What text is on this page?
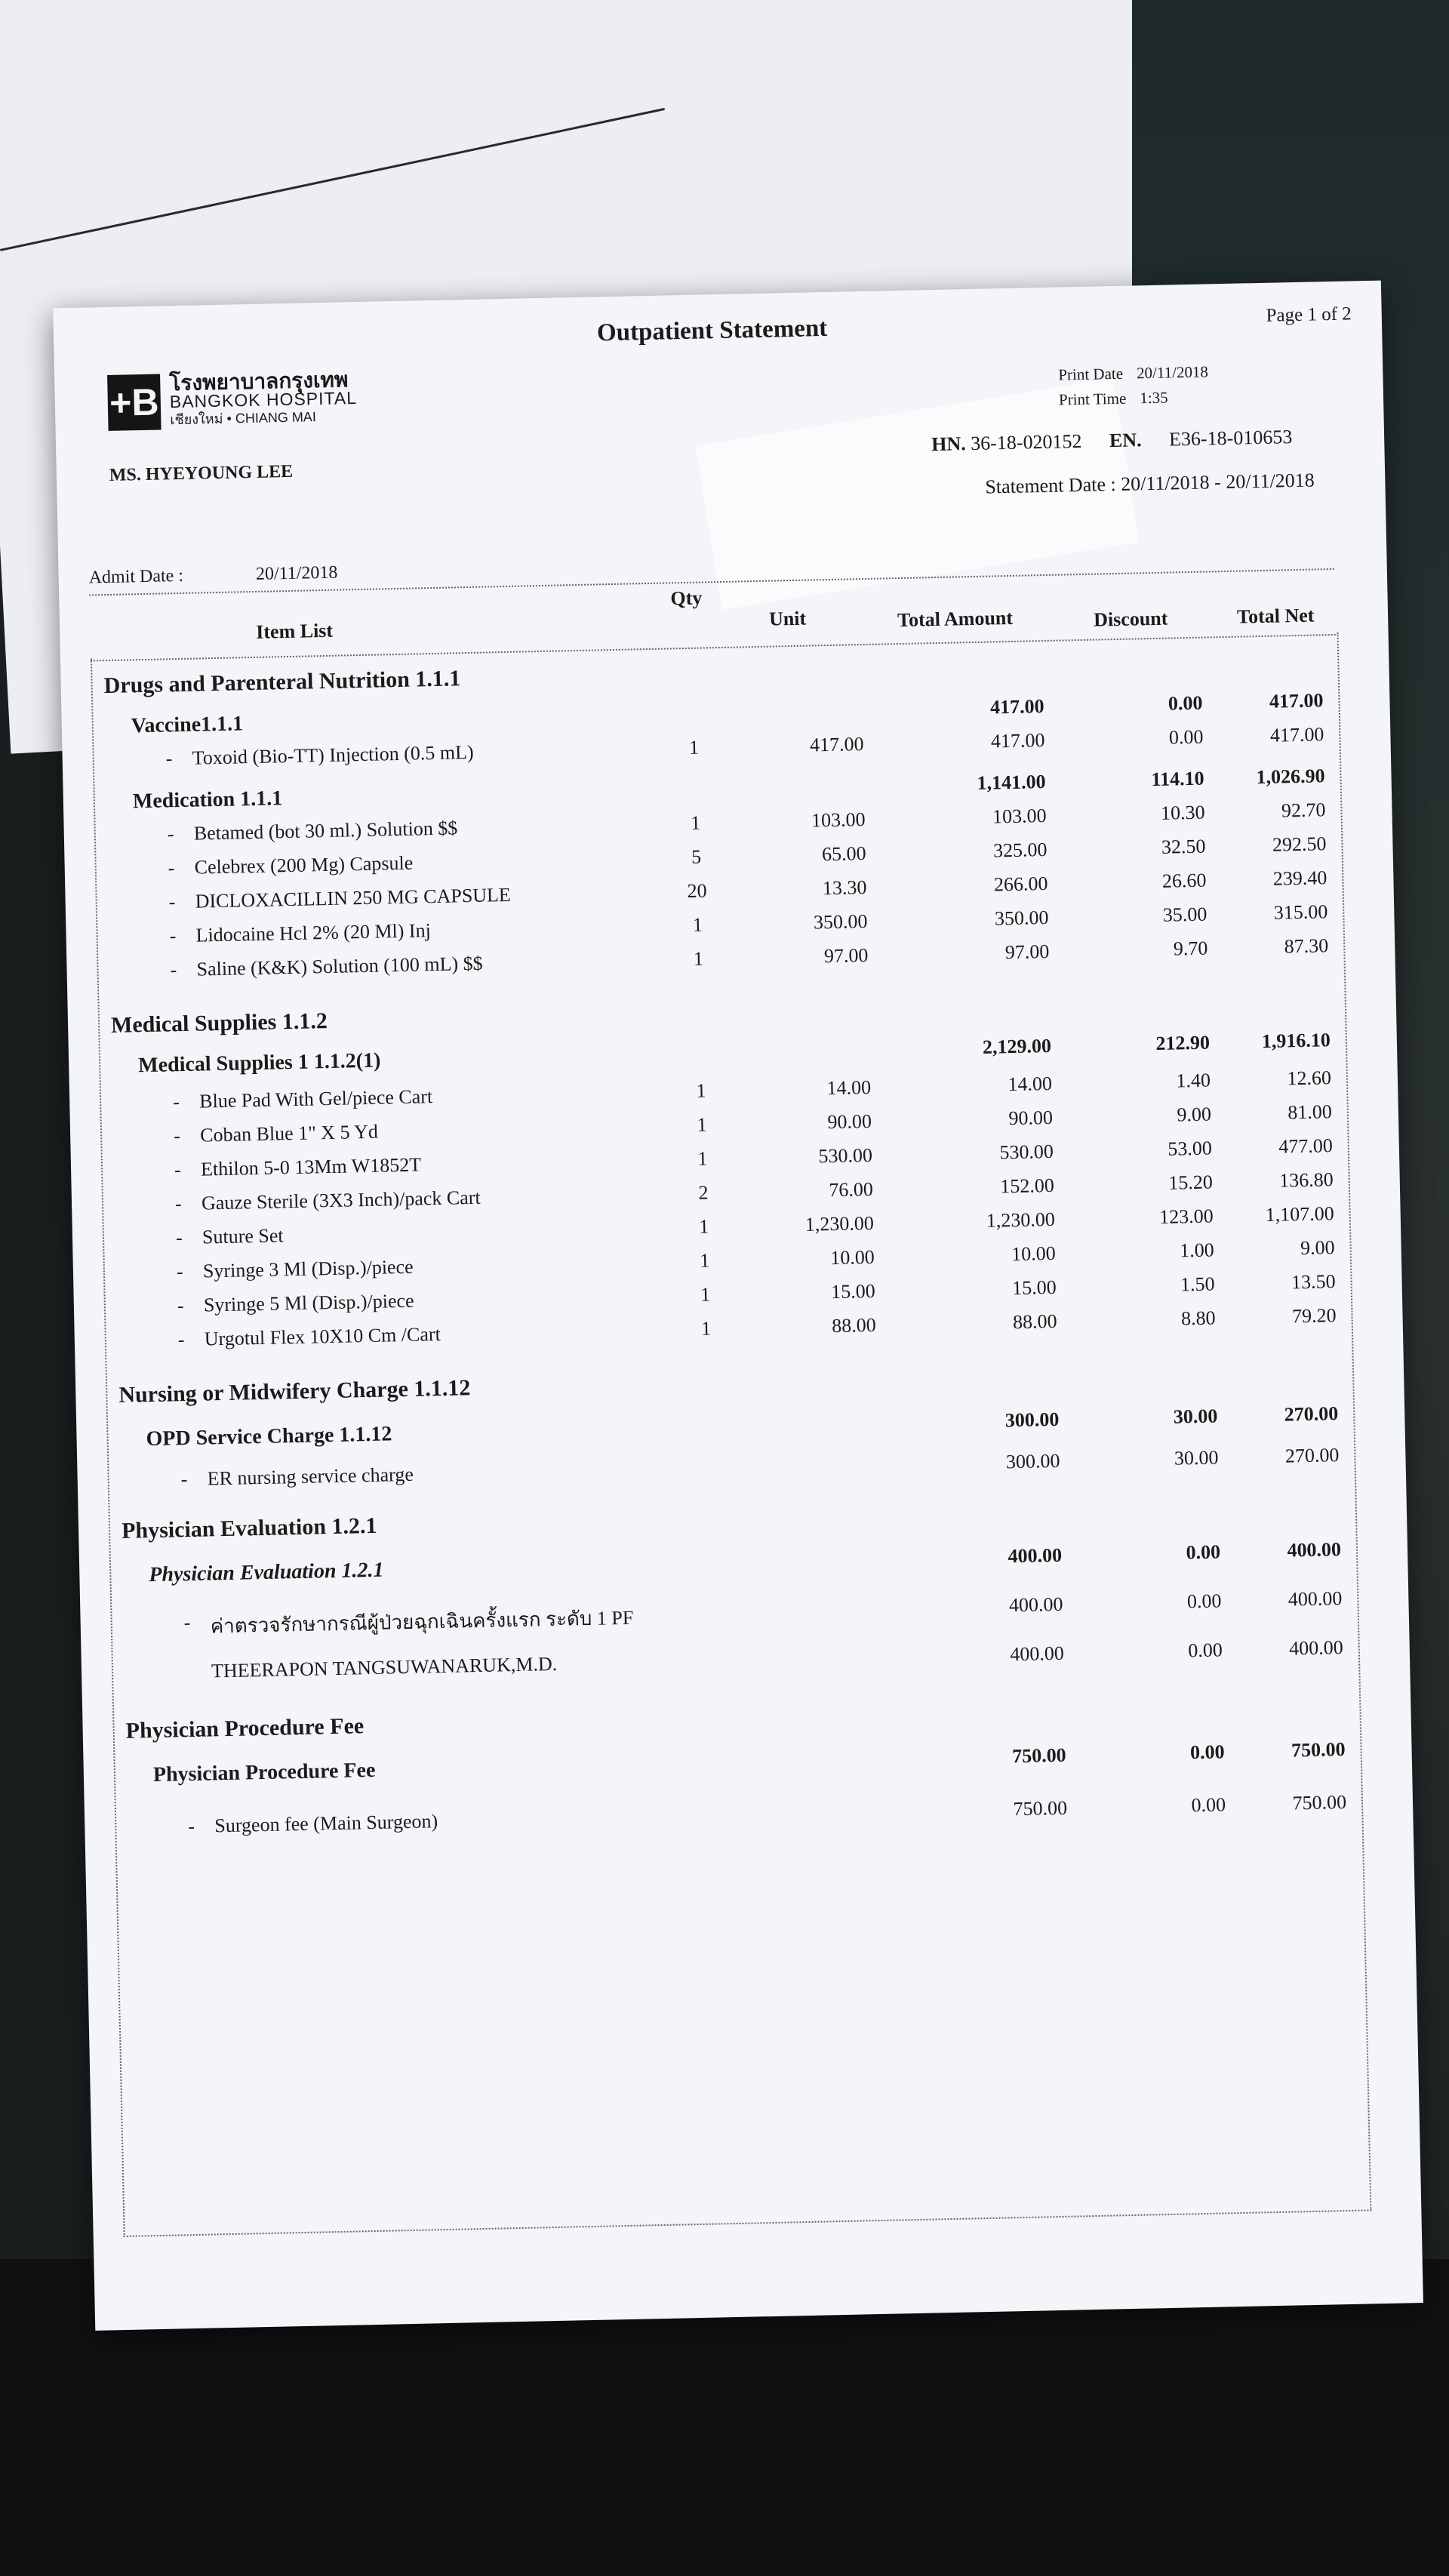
Outpatient Statement	Page 1 of 2
Print Date 20/11/2018
Print Time 1:35
+B โรงพยาบาลกรุงเทพ
BANGKOK HOSPITAL
เชียงใหม่ • CHIANG MAI
MS. HYEYOUNG LEE
HN. 36-18-020152 EN. E36-18-010653
Statement Date : 20/11/2018 - 20/11/2018
Admit Date :	20/11/2018
Item List
Qty
Unit	Total Amount	Discount	Total Net
Drugs and Parenteral Nutrition 1.1.1
Vaccine1.1.1
417.00	0.00	417.00
- Toxoid (Bio-TT) Injection (0.5 mL)	1	417.00	417.00	0.00	417.00
Medication 1.1.1
1,141.00	114.10	1,026.90
- Betamed (bot 30 ml.) Solution $$	1	103.00	103.00	10.30	92.70
- Celebrex (200 Mg) Capsule	5	65.00	325.00	32.50	292.50
- DICLOXACILLIN 250 MG CAPSULE	20	13.30	266.00	26.60	239.40
- Lidocaine Hcl 2% (20 Ml) Inj	1	350.00	350.00	35.00	315.00
- Saline (K&K) Solution (100 mL) $$	1	97.00	97.00	9.70	87.30
Medical Supplies 1.1.2
Medical Supplies 1 1.1.2(1)
2,129.00	212.90	1,916.10
- Blue Pad With Gel/piece Cart	1	14.00	14.00	1.40	12.60
- Coban Blue 1" X 5 Yd	1	90.00	90.00	9.00	81.00
- Ethilon 5-0 13Mm W1852T	1	530.00	530.00	53.00	477.00
- Gauze Sterile (3X3 Inch)/pack Cart	2	76.00	152.00	15.20	136.80
- Suture Set	1	1,230.00	1,230.00	123.00	1,107.00
- Syringe 3 Ml (Disp.)/piece	1	10.00	10.00	1.00	9.00
- Syringe 5 Ml (Disp.)/piece	1	15.00	15.00	1.50	13.50
- Urgotul Flex 10X10 Cm /Cart	1	88.00	88.00	8.80	79.20
Nursing or Midwifery Charge 1.1.12
OPD Service Charge 1.1.12
300.00	30.00	270.00
- ER nursing service charge
300.00	30.00	270.00
Physician Evaluation 1.2.1
Physician Evaluation 1.2.1
400.00	0.00	400.00
- ค่าตรวจรักษากรณีผู้ป่วยฉุกเฉินครั้งแรก ระดับ 1 PF
400.00	0.00	400.00
THEERAPON TANGSUWANARUK,M.D.	400.00	0.00	400.00
Physician Procedure Fee
Physician Procedure Fee
750.00	0.00	750.00
- Surgeon fee (Main Surgeon)
750.00	0.00	750.00
